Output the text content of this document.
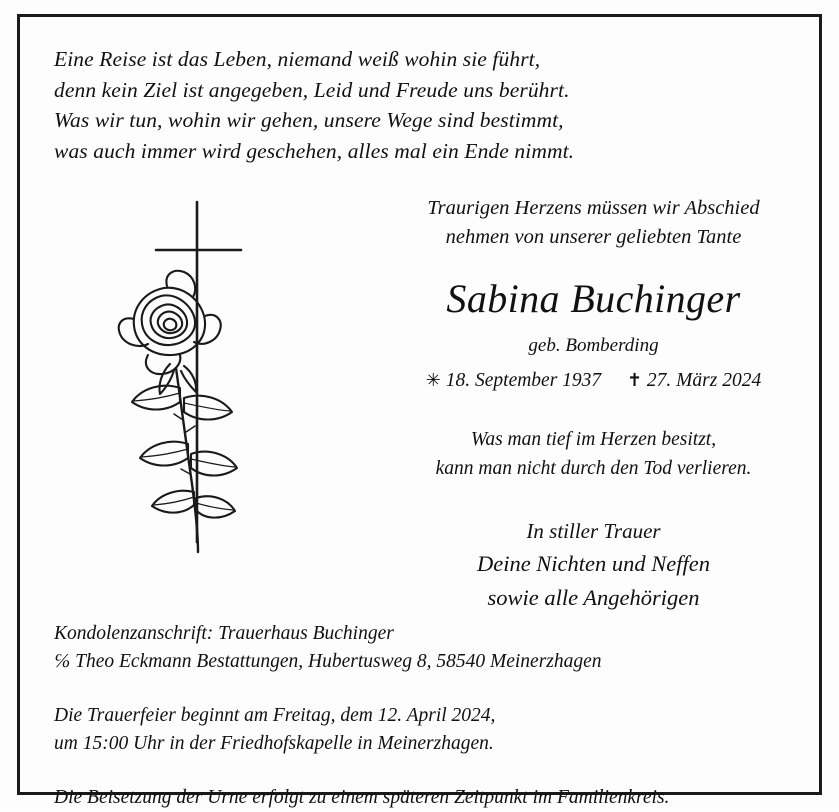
Eine Reise ist das Leben, niemand weiß wohin sie führt,
denn kein Ziel ist angegeben, Leid und Freude uns berührt.
Was wir tun, wohin wir gehen, unsere Wege sind bestimmt,
was auch immer wird geschehen, alles mal ein Ende nimmt.
Traurigen Herzens müssen wir Abschied
nehmen von unserer geliebten Tante
Sabina Buchinger
geb. Bomberding
✳ 18. September 1937 ✝ 27. März 2024
Was man tief im Herzen besitzt,
kann man nicht durch den Tod verlieren.
In stiller Trauer
Deine Nichten und Neffen
sowie alle Angehörigen
Kondolenzanschrift: Trauerhaus Buchinger
℅ Theo Eckmann Bestattungen, Hubertusweg 8, 58540 Meinerzhagen
Die Trauerfeier beginnt am Freitag, dem 12. April 2024,
um 15:00 Uhr in der Friedhofskapelle in Meinerzhagen.
Die Beisetzung der Urne erfolgt zu einem späteren Zeitpunkt im Familienkreis.
